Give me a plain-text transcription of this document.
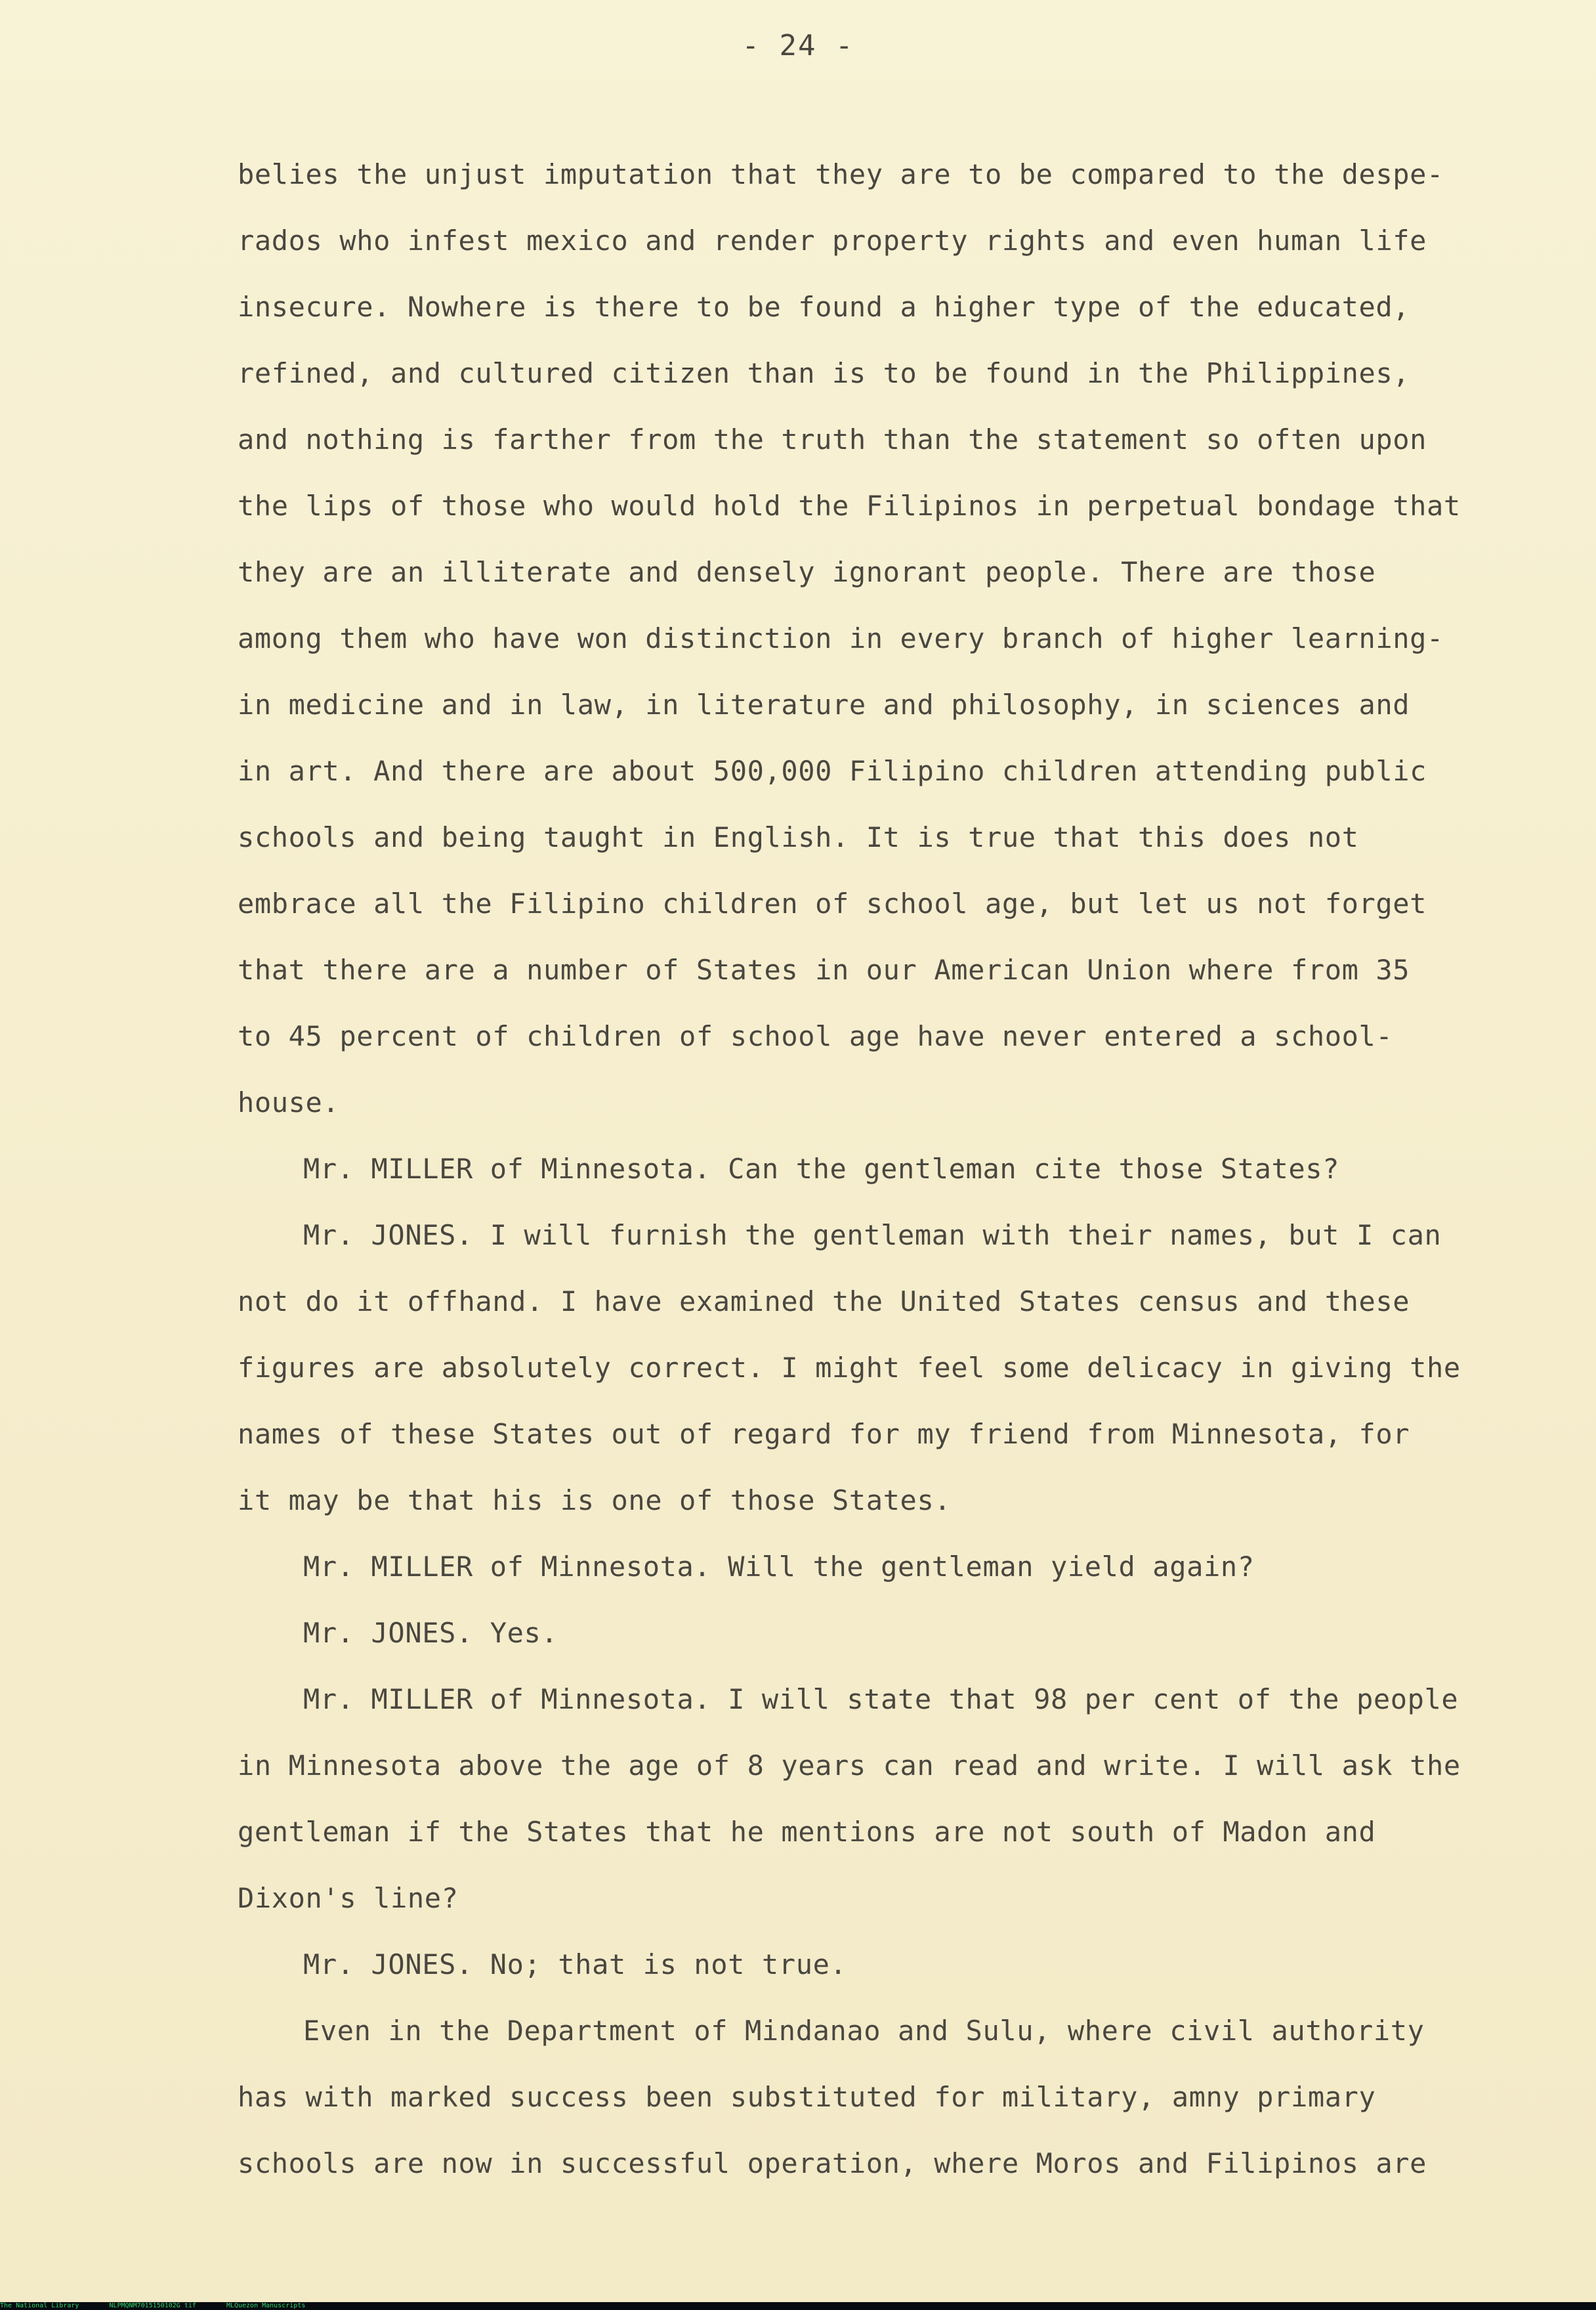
- 24 -
belies the unjust imputation that they are to be compared to the despe-
rados who infest mexico and render property rights and even human life
insecure. Nowhere is there to be found a higher type of the educated,
refined, and cultured citizen than is to be found in the Philippines,
and nothing is farther from the truth than the statement so often upon
the lips of those who would hold the Filipinos in perpetual bondage that
they are an illiterate and densely ignorant people. There are those
among them who have won distinction in every branch of higher learning-
in medicine and in law, in literature and philosophy, in sciences and
in art. And there are about 500,000 Filipino children attending public
schools and being taught in English. It is true that this does not
embrace all the Filipino children of school age, but let us not forget
that there are a number of States in our American Union where from 35
to 45 percent of children of school age have never entered a school-
house.
Mr. MILLER of Minnesota. Can the gentleman cite those States?
Mr. JONES. I will furnish the gentleman with their names, but I can
not do it offhand. I have examined the United States census and these
figures are absolutely correct. I might feel some delicacy in giving the
names of these States out of regard for my friend from Minnesota, for
it may be that his is one of those States.
Mr. MILLER of Minnesota. Will the gentleman yield again?
Mr. JONES. Yes.
Mr. MILLER of Minnesota. I will state that 98 per cent of the people
in Minnesota above the age of 8 years can read and write. I will ask the
gentleman if the States that he mentions are not south of Madon and
Dixon's line?
Mr. JONES. No; that is not true.
Even in the Department of Mindanao and Sulu, where civil authority
has with marked success been substituted for military, amny primary
schools are now in successful operation, where Moros and Filipinos are
The National Library	NLPMQNM7015150102G tif	MLQuezon Manuscripts
